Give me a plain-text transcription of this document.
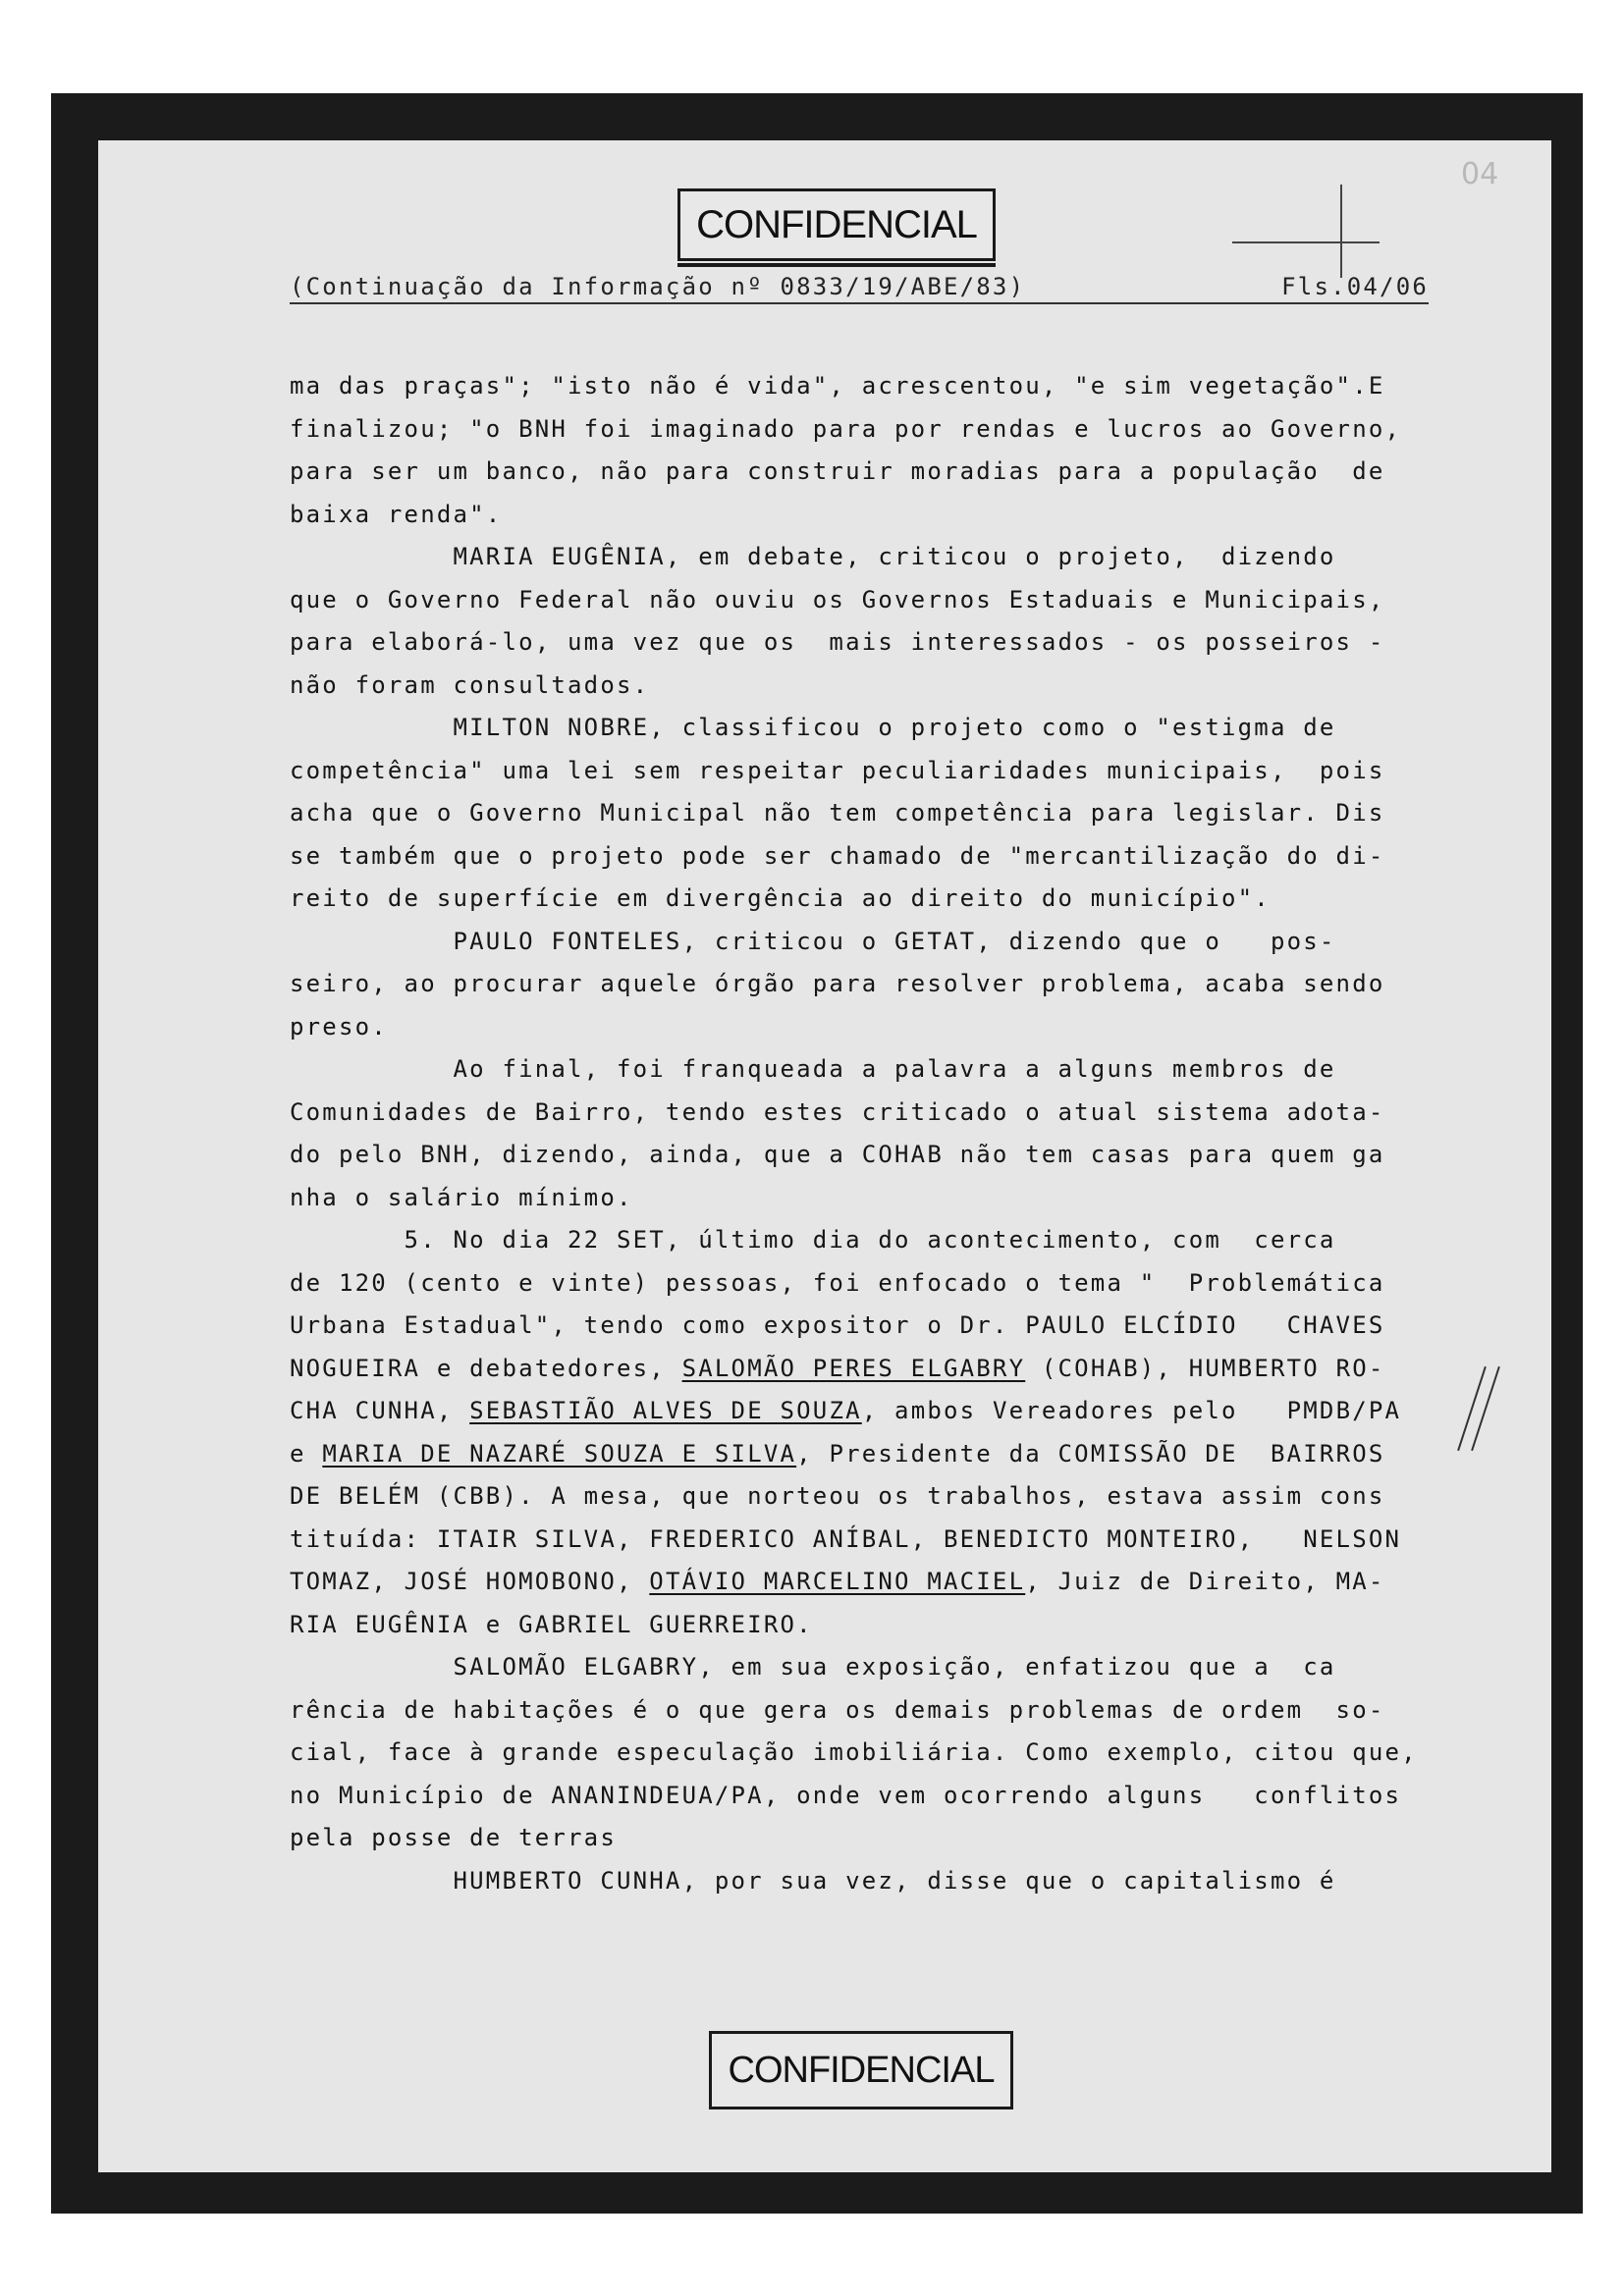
CONFIDENCIAL
04
(Continuação da Informação nº 0833/19/ABE/83)	Fls.04/06

ma das praças"; "isto não é vida", acrescentou, "e sim vegetação".E

finalizou; "o BNH foi imaginado para por rendas e lucros ao Governo,

para ser um banco, não para construir moradias para a população  de

baixa renda".

MARIA EUGÊNIA, em debate, criticou o projeto,  dizendo

que o Governo Federal não ouviu os Governos Estaduais e Municipais,

para elaborá-lo, uma vez que os  mais interessados - os posseiros -

não foram consultados.

MILTON NOBRE, classificou o projeto como o "estigma de

competência" uma lei sem respeitar peculiaridades municipais,  pois

acha que o Governo Municipal não tem competência para legislar. Dis

se também que o projeto pode ser chamado de "mercantilização do di-

reito de superfície em divergência ao direito do município".

PAULO FONTELES, criticou o GETAT, dizendo que o   pos-

seiro, ao procurar aquele órgão para resolver problema, acaba sendo

preso.

Ao final, foi franqueada a palavra a alguns membros de

Comunidades de Bairro, tendo estes criticado o atual sistema adota-

do pelo BNH, dizendo, ainda, que a COHAB não tem casas para quem ga

nha o salário mínimo.

5. No dia 22 SET, último dia do acontecimento, com  cerca

de 120 (cento e vinte) pessoas, foi enfocado o tema "  Problemática

Urbana Estadual", tendo como expositor o Dr. PAULO ELCÍDIO   CHAVES

NOGUEIRA e debatedores, SALOMÃO PERES ELGABRY (COHAB), HUMBERTO RO-

CHA CUNHA, SEBASTIÃO ALVES DE SOUZA, ambos Vereadores pelo   PMDB/PA

e MARIA DE NAZARÉ SOUZA E SILVA, Presidente da COMISSÃO DE  BAIRROS

DE BELÉM (CBB). A mesa, que norteou os trabalhos, estava assim cons

tituída: ITAIR SILVA, FREDERICO ANÍBAL, BENEDICTO MONTEIRO,   NELSON

TOMAZ, JOSÉ HOMOBONO, OTÁVIO MARCELINO MACIEL, Juiz de Direito, MA-

RIA EUGÊNIA e GABRIEL GUERREIRO.

SALOMÃO ELGABRY, em sua exposição, enfatizou que a  ca

rência de habitações é o que gera os demais problemas de ordem  so-

cial, face à grande especulação imobiliária. Como exemplo, citou que,

no Município de ANANINDEUA/PA, onde vem ocorrendo alguns   conflitos

pela posse de terras

HUMBERTO CUNHA, por sua vez, disse que o capitalismo é

CONFIDENCIAL
